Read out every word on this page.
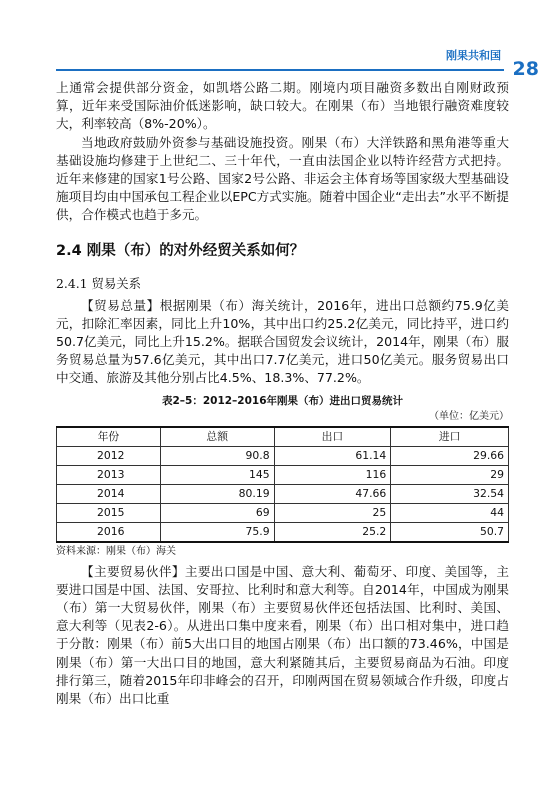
刚果共和国
28

上通常会提供部分资金，如凯塔公路二期。刚境内项目融资多数出自刚财政预算，近年来受国际油价低迷影响，缺口较大。在刚果（布）当地银行融资难度较大，利率较高（8%-20%）。

当地政府鼓励外资参与基础设施投资。刚果（布）大洋铁路和黑角港等重大基础设施均修建于上世纪二、三十年代，一直由法国企业以特许经营方式把持。近年来修建的国家1号公路、国家2号公路、非运会主体育场等国家级大型基础设施项目均由中国承包工程企业以EPC方式实施。随着中国企业“走出去”水平不断提供，合作模式也趋于多元。

2.4 刚果（布）的对外经贸关系如何？
2.4.1 贸易关系

【贸易总量】根据刚果（布）海关统计，2016年，进出口总额约75.9亿美元，扣除汇率因素，同比上升10%，其中出口约25.2亿美元，同比持平，进口约50.7亿美元，同比上升15.2%。据联合国贸发会议统计，2014年，刚果（布）服务贸易总量为57.6亿美元，其中出口7.7亿美元，进口50亿美元。服务贸易出口中交通、旅游及其他分别占比4.5%、18.3%、77.2%。

表2–5：2012–2016年刚果（布）进出口贸易统计
（单位：亿美元）
年份	总额	出口	进口
2012	90.8	61.14	29.66
2013	145	116	29
2014	80.19	47.66	32.54
2015	69	25	44
2016	75.9	25.2	50.7
资料来源：刚果（布）海关

【主要贸易伙伴】主要出口国是中国、意大利、葡萄牙、印度、美国等，主要进口国是中国、法国、安哥拉、比利时和意大利等。自2014年，中国成为刚果（布）第一大贸易伙伴，刚果（布）主要贸易伙伴还包括法国、比利时、美国、意大利等（见表2-6）。从进出口集中度来看，刚果（布）出口相对集中，进口趋于分散：刚果（布）前5大出口目的地国占刚果（布）出口额的73.46%，中国是刚果（布）第一大出口目的地国，意大利紧随其后，主要贸易商品为石油。印度排行第三，随着2015年印非峰会的召开，印刚两国在贸易领域合作升级，印度占刚果（布）出口比重
